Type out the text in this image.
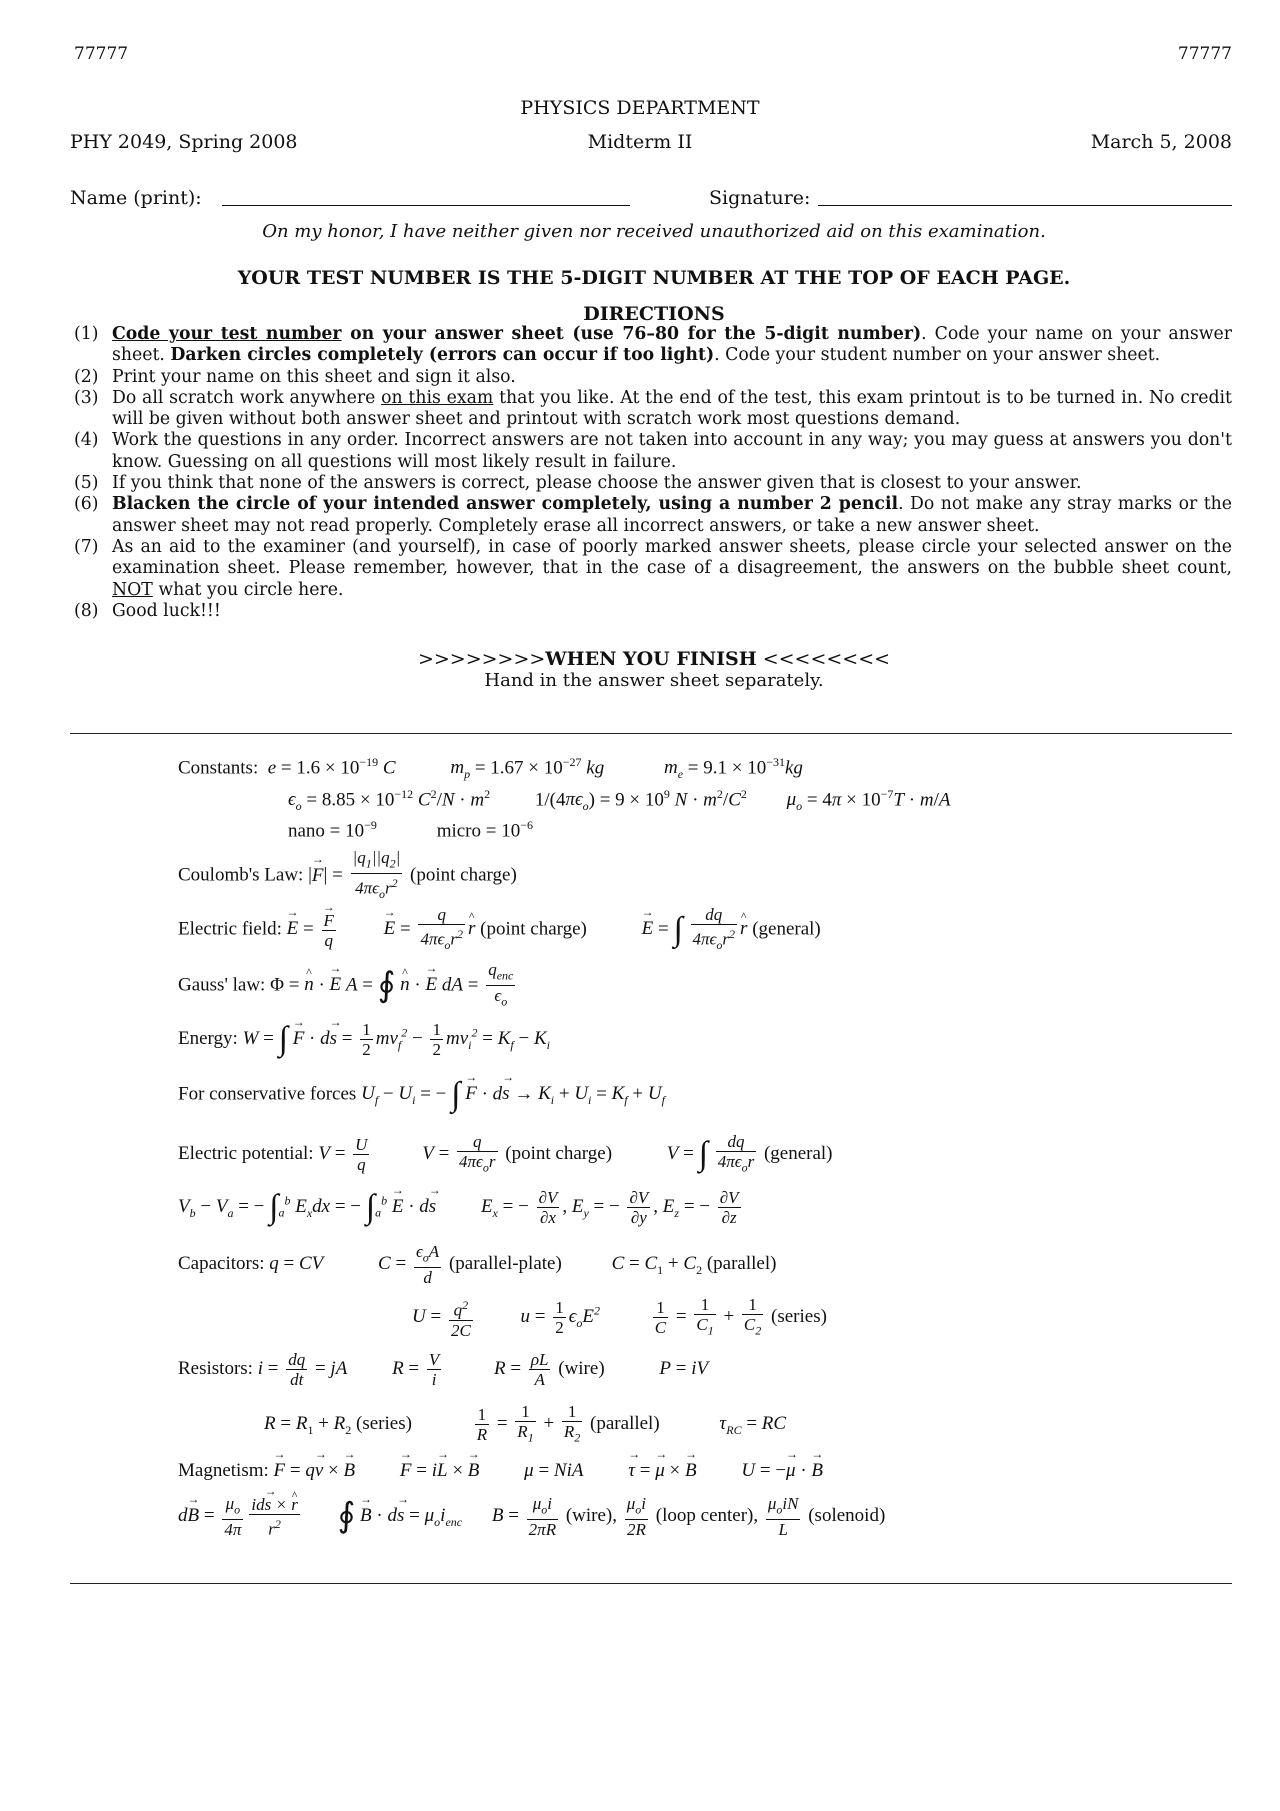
77777	77777
PHYSICS DEPARTMENT
PHY 2049, Spring 2008	Midterm II	March 5, 2008
Name (print):	Signature:
On my honor, I have neither given nor received unauthorized aid on this examination.
YOUR TEST NUMBER IS THE 5-DIGIT NUMBER AT THE TOP OF EACH PAGE.
DIRECTIONS
(1) Code your test number on your answer sheet (use 76–80 for the 5-digit number). Code your name on your answer sheet. Darken circles completely (errors can occur if too light). Code your student number on your answer sheet.
(2) Print your name on this sheet and sign it also.
(3) Do all scratch work anywhere on this exam that you like. At the end of the test, this exam printout is to be turned in. No credit will be given without both answer sheet and printout with scratch work most questions demand.
(4) Work the questions in any order. Incorrect answers are not taken into account in any way; you may guess at answers you don't know. Guessing on all questions will most likely result in failure.
(5) If you think that none of the answers is correct, please choose the answer given that is closest to your answer.
(6) Blacken the circle of your intended answer completely, using a number 2 pencil. Do not make any stray marks or the answer sheet may not read properly. Completely erase all incorrect answers, or take a new answer sheet.
(7) As an aid to the examiner (and yourself), in case of poorly marked answer sheets, please circle your selected answer on the examination sheet. Please remember, however, that in the case of a disagreement, the answers on the bubble sheet count, NOT what you circle here.
(8) Good luck!!!
>>>>>>>>WHEN YOU FINISH <<<<<<<<
Hand in the answer sheet separately.
Constants:  $e = 1.6 \times 10^{-19}$ C	$m_p = 1.67 \times 10^{-27}$ kg	$m_e = 9.1 \times 10^{-31}kg$
$\epsilon_o = 8.85 \times 10^{-12}$ $C^2/N \cdot m^2$ $1/(4\pi\epsilon_o) = 9 \times 10^9$ $N \cdot m^2/C^2$ $\mu_o = 4\pi \times 10^{-7}T \cdot m/A$
nano = $10^{-9}$	micro = $10^{-6}$
Coulomb's Law: |→ $F| = \frac{|q_1||q_2|}{4\pi\epsilon_or^2}$ (point charge)
Electric field: → E = → $\frac{F}{q}$	→ $E = \frac{q}{4\pi\epsilon_or^2}$ ^ r (point charge)	→ E = ∫ $\frac{dq}{4\pi\epsilon_or^2}$ ^ r (general)
Gauss' law: Φ = ^ n · → E A = ∮ ^ n · → E dA = $\frac{q_{enc}}{\epsilon_o}$
Energy: W = ∫ → $F \cdot d\to s = \frac{1}{2} mv_f^2 - \frac{1}{2} mv_i^2 = K_f - K_i$
For conservative forces $U_f - U_i$ = − ∫ → $F \cdot d\to s \to K_i + U_i = K_f + U_f$
Electric potential: $V = \frac{U}{q}$	$V = \frac{q}{4\pi\epsilon_or}$ (point charge)	V = ∫ $\frac{dq}{4\pi\epsilon_or}$ (general)
$V_b - V_a$ = − $\int_a^b$ $E_xdx$ = − $\int_a^b \to E \cdot d\to s$ $E_x$ = − $\frac{\partial V}{\partial x}$ , $E_y$ = − $\frac{\partial V}{\partial y}$ , $E_z$ = − $\frac{\partial V}{\partial z}$
Capacitors: q = CV	$C = \frac{\epsilon_oA}{d}$ (parallel-plate)	$C = C_1 + C_2$ (parallel)
$U = \frac{q^2}{2C}$	$u = \frac{1}{2} \epsilon_oE^2$	$\frac{1}{C} = \frac{1}{C_1} + \frac{1}{C_2}$ (series)
Resistors: $i = \frac{dq}{dt}$ = jA $R = \frac{V}{i}$	$R = \frac{\rho L}{A}$ (wire)	P = iV
$R = R_1 + R_2$ (series)	$\frac{1}{R} = \frac{1}{R_1} + \frac{1}{R_2}$ (parallel)	$\tau_{RC}$ = RC
Magnetism: → F = q→ v × → B → F = i→ L × → B μ = NiA → τ = → μ × → B U = −→ μ · → B
$d\to B = \frac{\mu_o}{4\pi} \frac{id\to s \times \^{} r}{r^2}$ ∮ → $B \cdot d\to s = \mu_oi_{enc}$ $B = \frac{\mu_oi}{2\pi R}$ (wire), $\frac{\mu_oi}{2R}$ (loop center), $\frac{\mu_oiN}{L}$ (solenoid)
